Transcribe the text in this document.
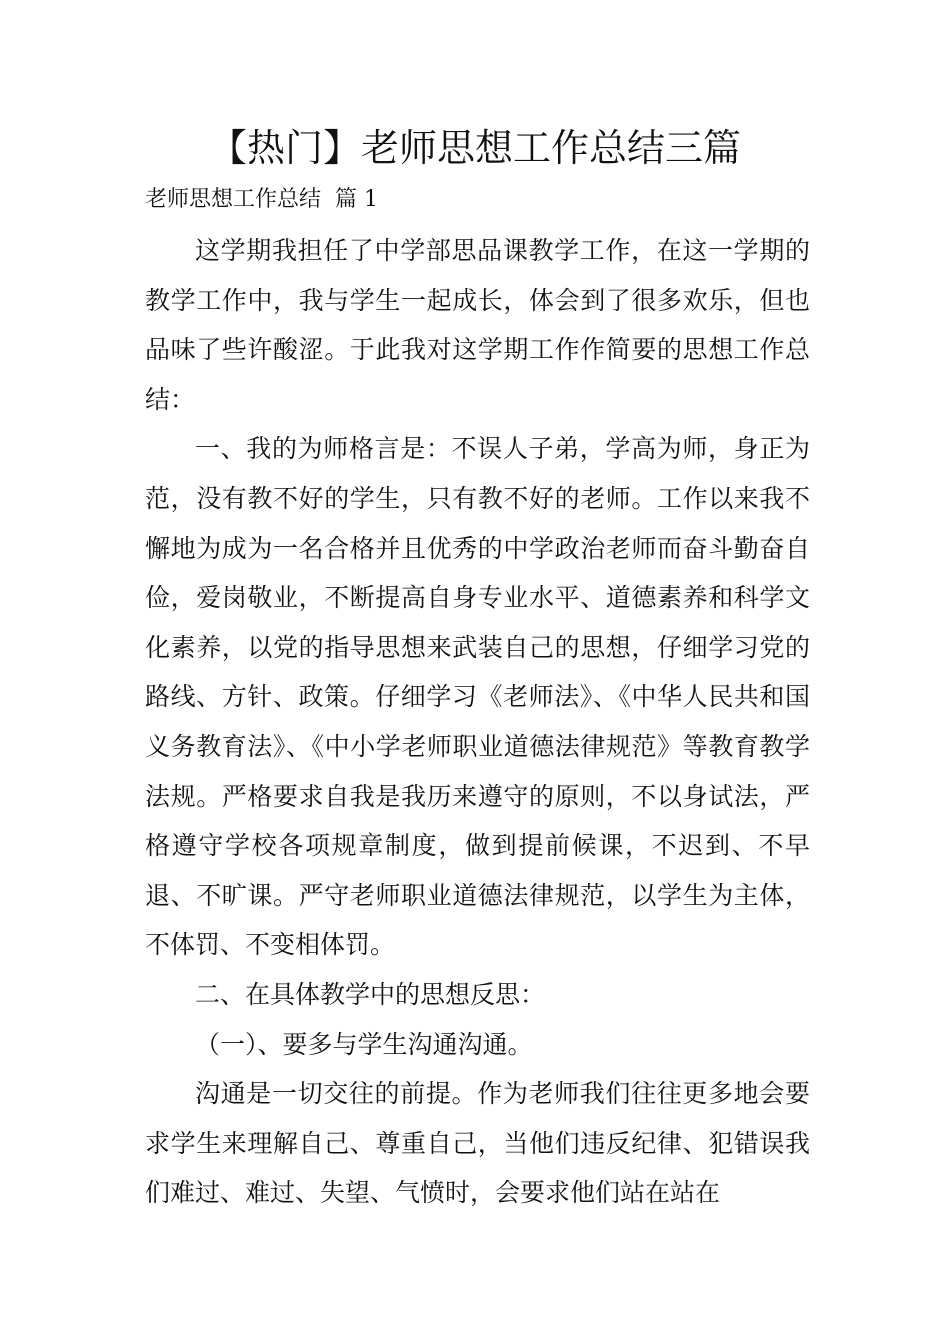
【热门】老师思想工作总结三篇
老师思想工作总结  篇 1

这学期我担任了中学部思品课教学工作，在这一学期的教学工作中，我与学生一起成长，体会到了很多欢乐，但也品味了些许酸涩。于此我对这学期工作作简要的思想工作总结：

一、我的为师格言是：不误人子弟，学高为师，身正为范，没有教不好的学生，只有教不好的老师。工作以来我不懈地为成为一名合格并且优秀的中学政治老师而奋斗勤奋自俭，爱岗敬业，不断提高自身专业水平、道德素养和科学文化素养，以党的指导思想来武装自己的思想，仔细学习党的路线、方针、政策。仔细学习《老师法》、《中华人民共和国义务教育法》、《中小学老师职业道德法律规范》等教育教学法规。严格要求自我是我历来遵守的原则，不以身试法，严格遵守学校各项规章制度，做到提前候课，不迟到、不早退、不旷课。严守老师职业道德法律规范，以学生为主体，不体罚、不变相体罚。

二、在具体教学中的思想反思：

（一）、要多与学生沟通沟通。

沟通是一切交往的前提。作为老师我们往往更多地会要求学生来理解自己、尊重自己，当他们违反纪律、犯错误我们难过、难过、失望、气愤时，会要求他们站在站在
